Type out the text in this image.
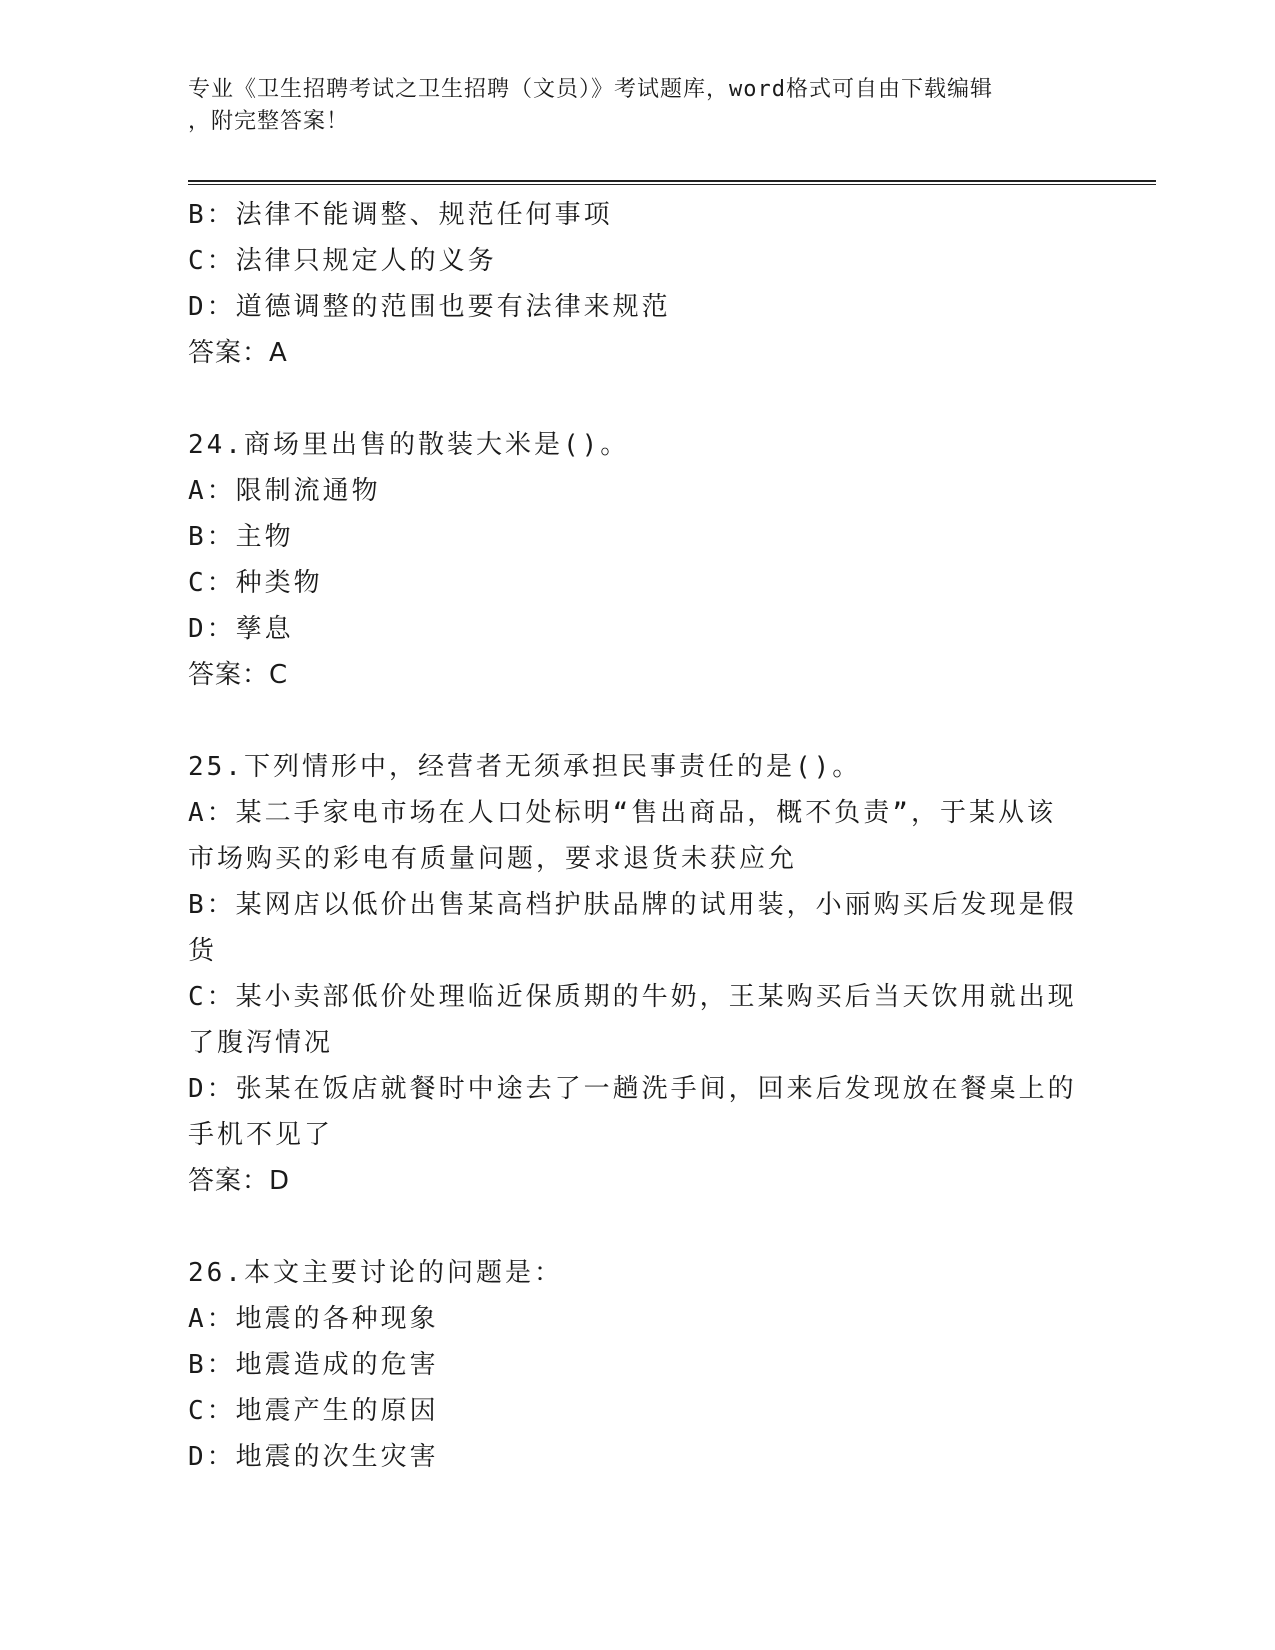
专业《卫生招聘考试之卫生招聘（文员）》考试题库，word格式可自由下载编辑
，附完整答案！
B：法律不能调整、规范任何事项
C：法律只规定人的义务
D：道德调整的范围也要有法律来规范
答案：A
24.商场里出售的散装大米是()。
A：限制流通物
B：主物
C：种类物
D：孳息
答案：C
25.下列情形中，经营者无须承担民事责任的是()。
A：某二手家电市场在人口处标明“售出商品，概不负责”，于某从该
市场购买的彩电有质量问题，要求退货未获应允
B：某网店以低价出售某高档护肤品牌的试用装，小丽购买后发现是假
货
C：某小卖部低价处理临近保质期的牛奶，王某购买后当天饮用就出现
了腹泻情况
D：张某在饭店就餐时中途去了一趟洗手间，回来后发现放在餐桌上的
手机不见了
答案：D
26.本文主要讨论的问题是：
A：地震的各种现象
B：地震造成的危害
C：地震产生的原因
D：地震的次生灾害
